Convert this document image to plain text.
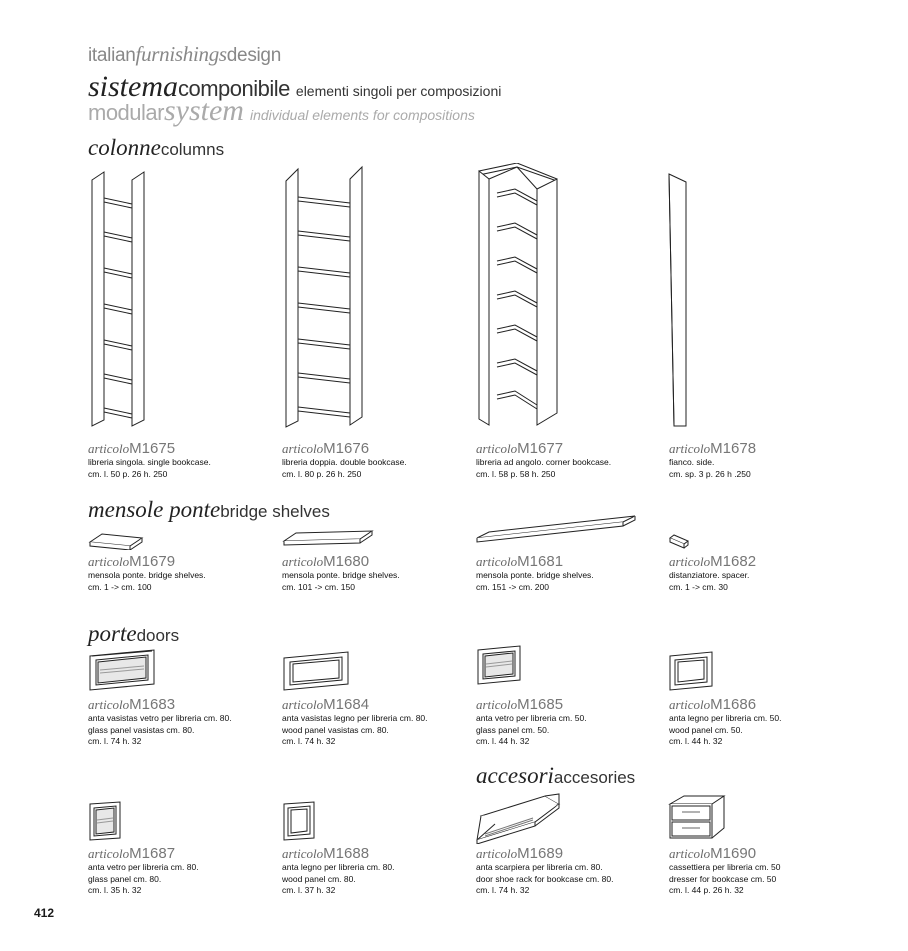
italianfurnishingsdesign
sistemacomponibile elementi singoli per composizioni
modularsystem individual elements for compositions
colonnecolumns
articoloM1675
libreria singola. single bookcase.
cm. l. 50 p. 26 h. 250
articoloM1676
libreria doppia. double bookcase.
cm. l. 80 p. 26 h. 250
articoloM1677
libreria ad angolo. corner bookcase.
cm. l. 58 p. 58 h. 250
articoloM1678
fianco. side.
cm. sp. 3 p. 26 h .250
mensole pontebridge shelves
articoloM1679
mensola ponte. bridge shelves.
cm. 1 -> cm. 100
articoloM1680
mensola ponte. bridge shelves.
cm. 101 -> cm. 150
articoloM1681
mensola ponte. bridge shelves.
cm. 151 -> cm. 200
articoloM1682
distanziatore. spacer.
cm. 1 -> cm. 30
portedoors
articoloM1683
anta vasistas vetro per libreria cm. 80.
glass panel vasistas cm. 80.
cm. l. 74 h. 32
articoloM1684
anta vasistas legno per libreria cm. 80.
wood panel vasistas cm. 80.
cm. l. 74 h. 32
articoloM1685
anta vetro per libreria cm. 50.
glass panel cm. 50.
cm. l. 44 h. 32
articoloM1686
anta legno per libreria cm. 50.
wood panel cm. 50.
cm. l. 44 h. 32
accesoriaccesories
articoloM1687
anta vetro per libreria cm. 80.
glass panel cm. 80.
cm. l. 35 h. 32
articoloM1688
anta legno per libreria cm. 80.
wood panel cm. 80.
cm. l. 37 h. 32
articoloM1689
anta scarpiera per libreria cm. 80.
door shoe rack for bookcase cm. 80.
cm. l. 74 h. 32
articoloM1690
cassettiera per libreria cm. 50
dresser for bookcase cm. 50
cm. l. 44 p. 26 h. 32
412
